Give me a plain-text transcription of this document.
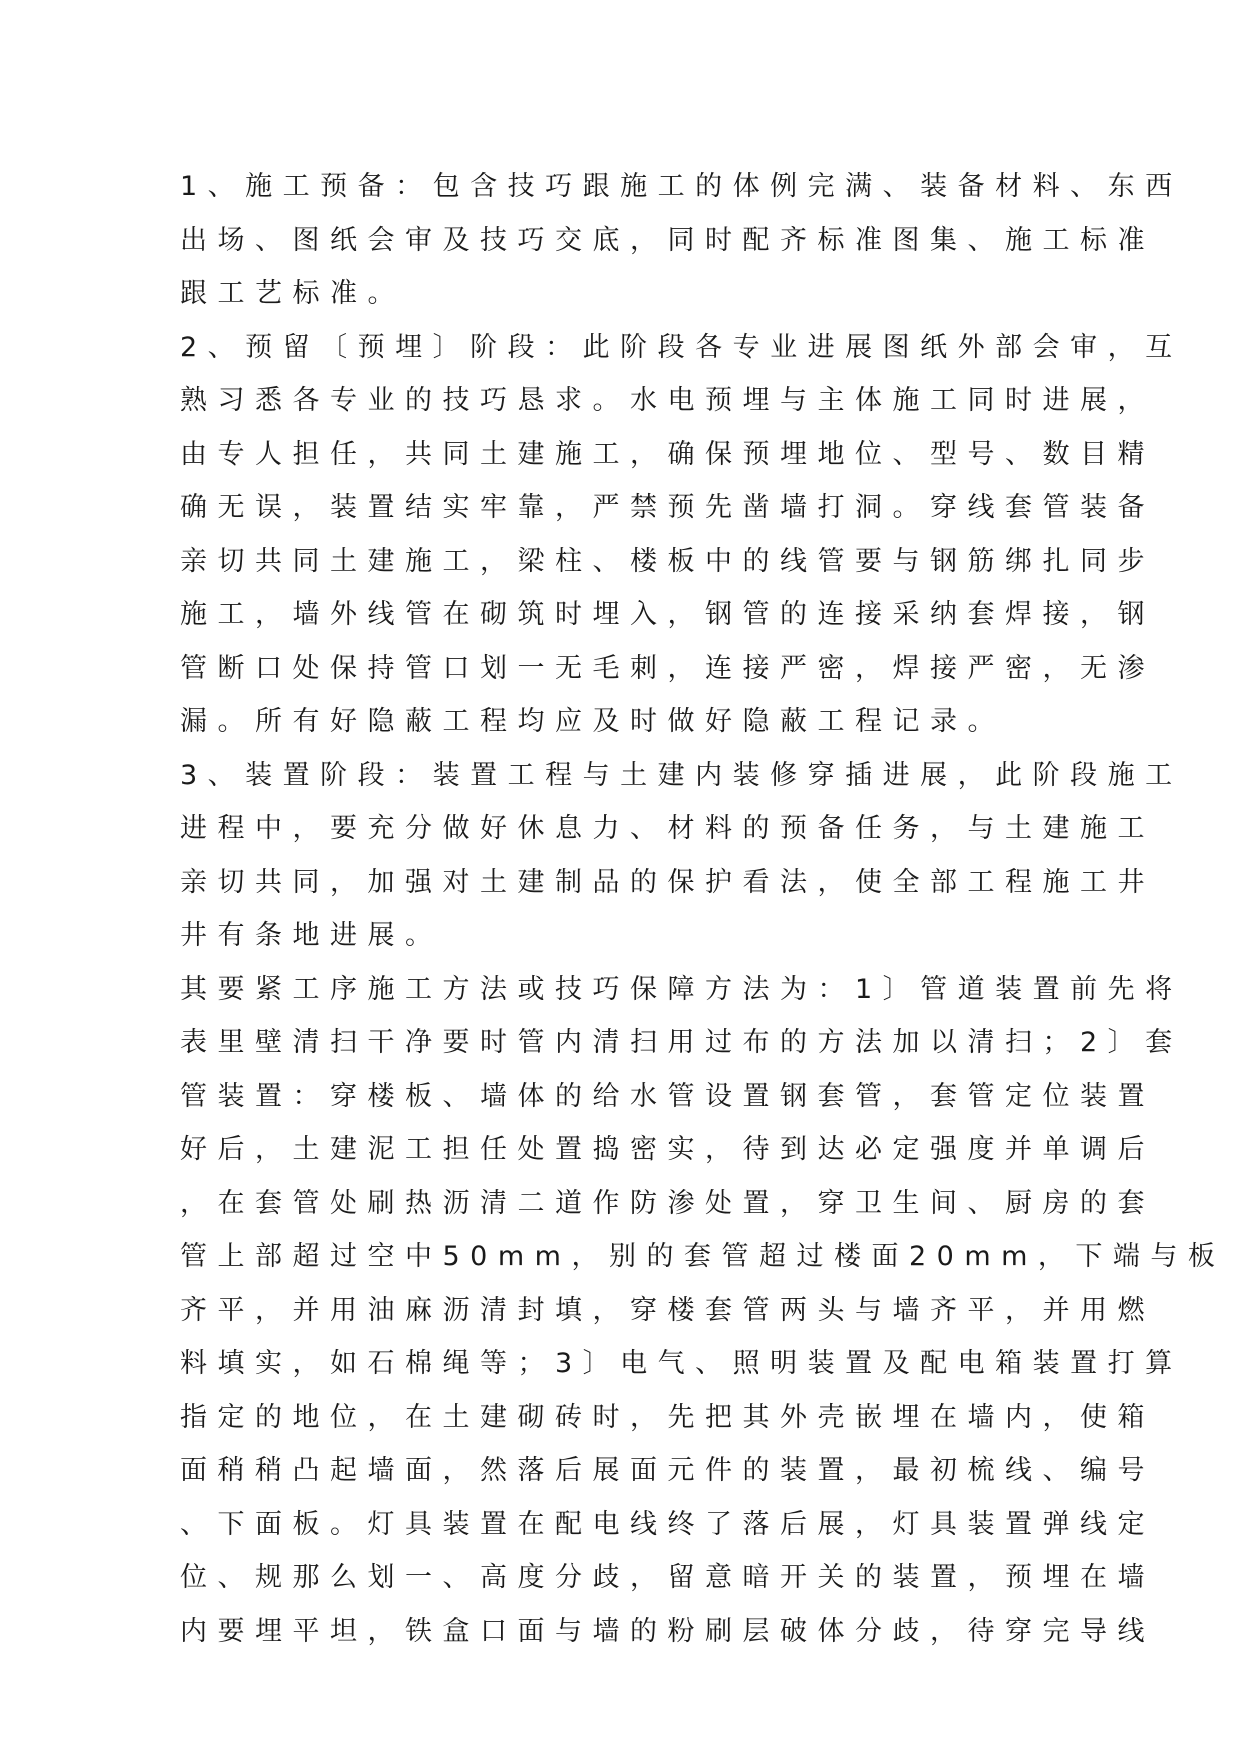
1、施工预备：包含技巧跟施工的体例完满、装备材料、东西
出场、图纸会审及技巧交底，同时配齐标准图集、施工标准
跟工艺标准。
2、预留〔预埋〕阶段：此阶段各专业进展图纸外部会审，互
熟习悉各专业的技巧恳求。水电预埋与主体施工同时进展，
由专人担任，共同土建施工，确保预埋地位、型号、数目精
确无误，装置结实牢靠，严禁预先凿墙打洞。穿线套管装备
亲切共同土建施工，梁柱、楼板中的线管要与钢筋绑扎同步
施工，墙外线管在砌筑时埋入，钢管的连接采纳套焊接，钢
管断口处保持管口划一无毛刺，连接严密，焊接严密，无渗
漏。所有好隐蔽工程均应及时做好隐蔽工程记录。
3、装置阶段：装置工程与土建内装修穿插进展，此阶段施工
进程中，要充分做好休息力、材料的预备任务，与土建施工
亲切共同，加强对土建制品的保护看法，使全部工程施工井
井有条地进展。
其要紧工序施工方法或技巧保障方法为：1〕管道装置前先将
表里壁清扫干净要时管内清扫用过布的方法加以清扫；2〕套
管装置：穿楼板、墙体的给水管设置钢套管，套管定位装置
好后，土建泥工担任处置捣密实，待到达必定强度并单调后
，在套管处刷热沥清二道作防渗处置，穿卫生间、厨房的套
管上部超过空中50mm，别的套管超过楼面20mm，下端与板
齐平，并用油麻沥清封填，穿楼套管两头与墙齐平，并用燃
料填实，如石棉绳等；3〕电气、照明装置及配电箱装置打算
指定的地位，在土建砌砖时，先把其外壳嵌埋在墙内，使箱
面稍稍凸起墙面，然落后展面元件的装置，最初梳线、编号
、下面板。灯具装置在配电线终了落后展，灯具装置弹线定
位、规那么划一、高度分歧，留意暗开关的装置，预埋在墙
内要埋平坦，铁盒口面与墙的粉刷层破体分歧，待穿完导线
